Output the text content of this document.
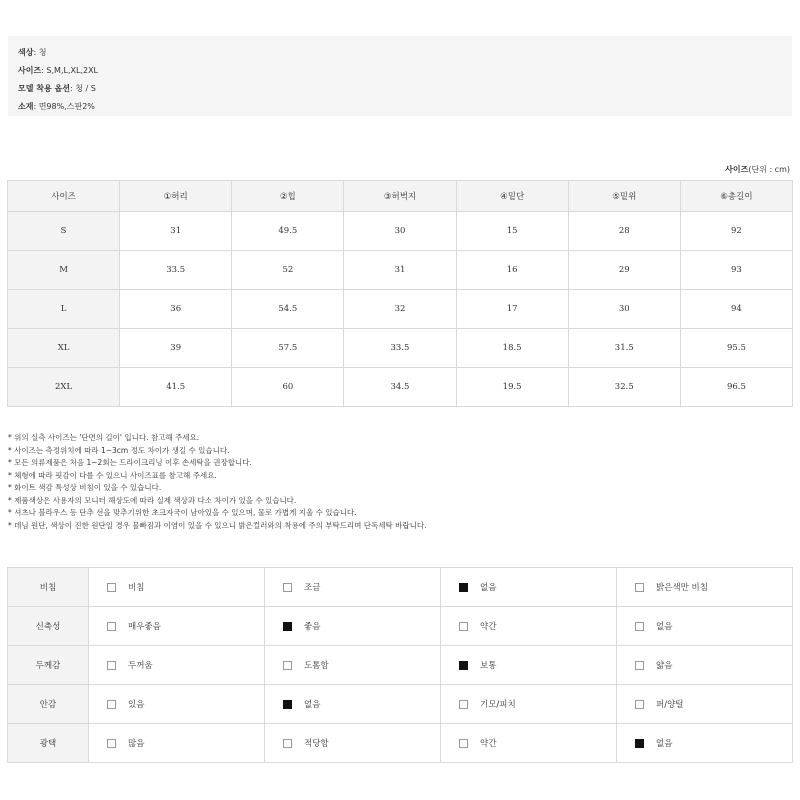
색상: 청
사이즈: S,M,L,XL,2XL
모델 착용 옵션: 청 / S
소재: 면98%,스판2%
사이즈(단위 : cm)
사이즈	①허리	②힙	③허벅지	④밑단	⑤밑위	⑥총길이
S	31	49.5	30	15	28	92
M	33.5	52	31	16	29	93
L	36	54.5	32	17	30	94
XL	39	57.5	33.5	18.5	31.5	95.5
2XL	41.5	60	34.5	19.5	32.5	96.5
* 위의 실측 사이즈는 '단면의 길이' 입니다. 참고해 주세요.
* 사이즈는 측정위치에 따라 1~3cm 정도 차이가 생길 수 있습니다.
* 모든 의류제품은 처음 1~2회는 드라이크리닝 이후 손세탁을 권장합니다.
* 체형에 따라 핏감이 다를 수 있으니 사이즈표를 참고해 주세요.
* 화이트 색감 특성상 비침이 있을 수 있습니다.
* 제품색상은 사용자의 모니터 해상도에 따라 실제 색상과 다소 차이가 있을 수 있습니다.
* 셔츠나 블라우스 등 단추 선을 맞추기위한 초크자국이 남아있을 수 있으며, 물로 가볍게 지울 수 있습니다.
* 데님 원단, 색상이 진한 원단일 경우 물빠짐과 이염이 있을 수 있으니 밝은컬러와의 착용에 주의 부탁드리며 단독세탁 바랍니다.
비침	비침	조금	없음	밝은색만 비침
신축성	매우좋음	좋음	약간	없음
두께감	두꺼움	도톰함	보통	얇음
안감	있음	없음	기모/피치	퍼/양털
광택	많음	적당함	약간	없음
